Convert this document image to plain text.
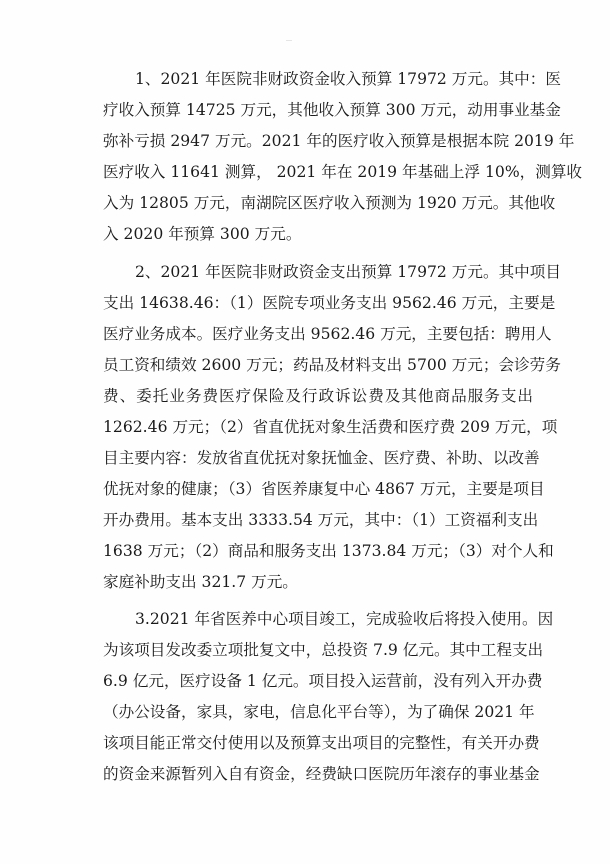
1、2021 年医院非财政资金收入预算 17972 万元。其中：医
疗收入预算 14725 万元，其他收入预算 300 万元，动用事业基金
弥补亏损 2947 万元。2021 年的医疗收入预算是根据本院 2019 年
医疗收入 11641 测算， 2021 年在 2019 年基础上浮 10%，测算收
入为 12805 万元，南湖院区医疗收入预测为 1920 万元。其他收
入 2020 年预算 300 万元。
2、2021 年医院非财政资金支出预算 17972 万元。其中项目
支出 14638.46：（1）医院专项业务支出 9562.46 万元，主要是
医疗业务成本。医疗业务支出 9562.46 万元，主要包括：聘用人
员工资和绩效 2600 万元；药品及材料支出 5700 万元；会诊劳务
费、委托业务费医疗保险及行政诉讼费及其他商品服务支出
1262.46 万元；（2）省直优抚对象生活费和医疗费 209 万元，项
目主要内容：发放省直优抚对象抚恤金、医疗费、补助、以改善
优抚对象的健康；（3）省医养康复中心 4867 万元，主要是项目
开办费用。基本支出 3333.54 万元，其中：（1）工资福利支出
1638 万元；（2）商品和服务支出 1373.84 万元；（3）对个人和
家庭补助支出 321.7 万元。
3.2021 年省医养中心项目竣工，完成验收后将投入使用。因
为该项目发改委立项批复文中，总投资 7.9 亿元。其中工程支出
6.9 亿元，医疗设备 1 亿元。项目投入运营前，没有列入开办费
（办公设备，家具，家电，信息化平台等），为了确保 2021 年
该项目能正常交付使用以及预算支出项目的完整性，有关开办费
的资金来源暂列入自有资金，经费缺口医院历年滚存的事业基金
